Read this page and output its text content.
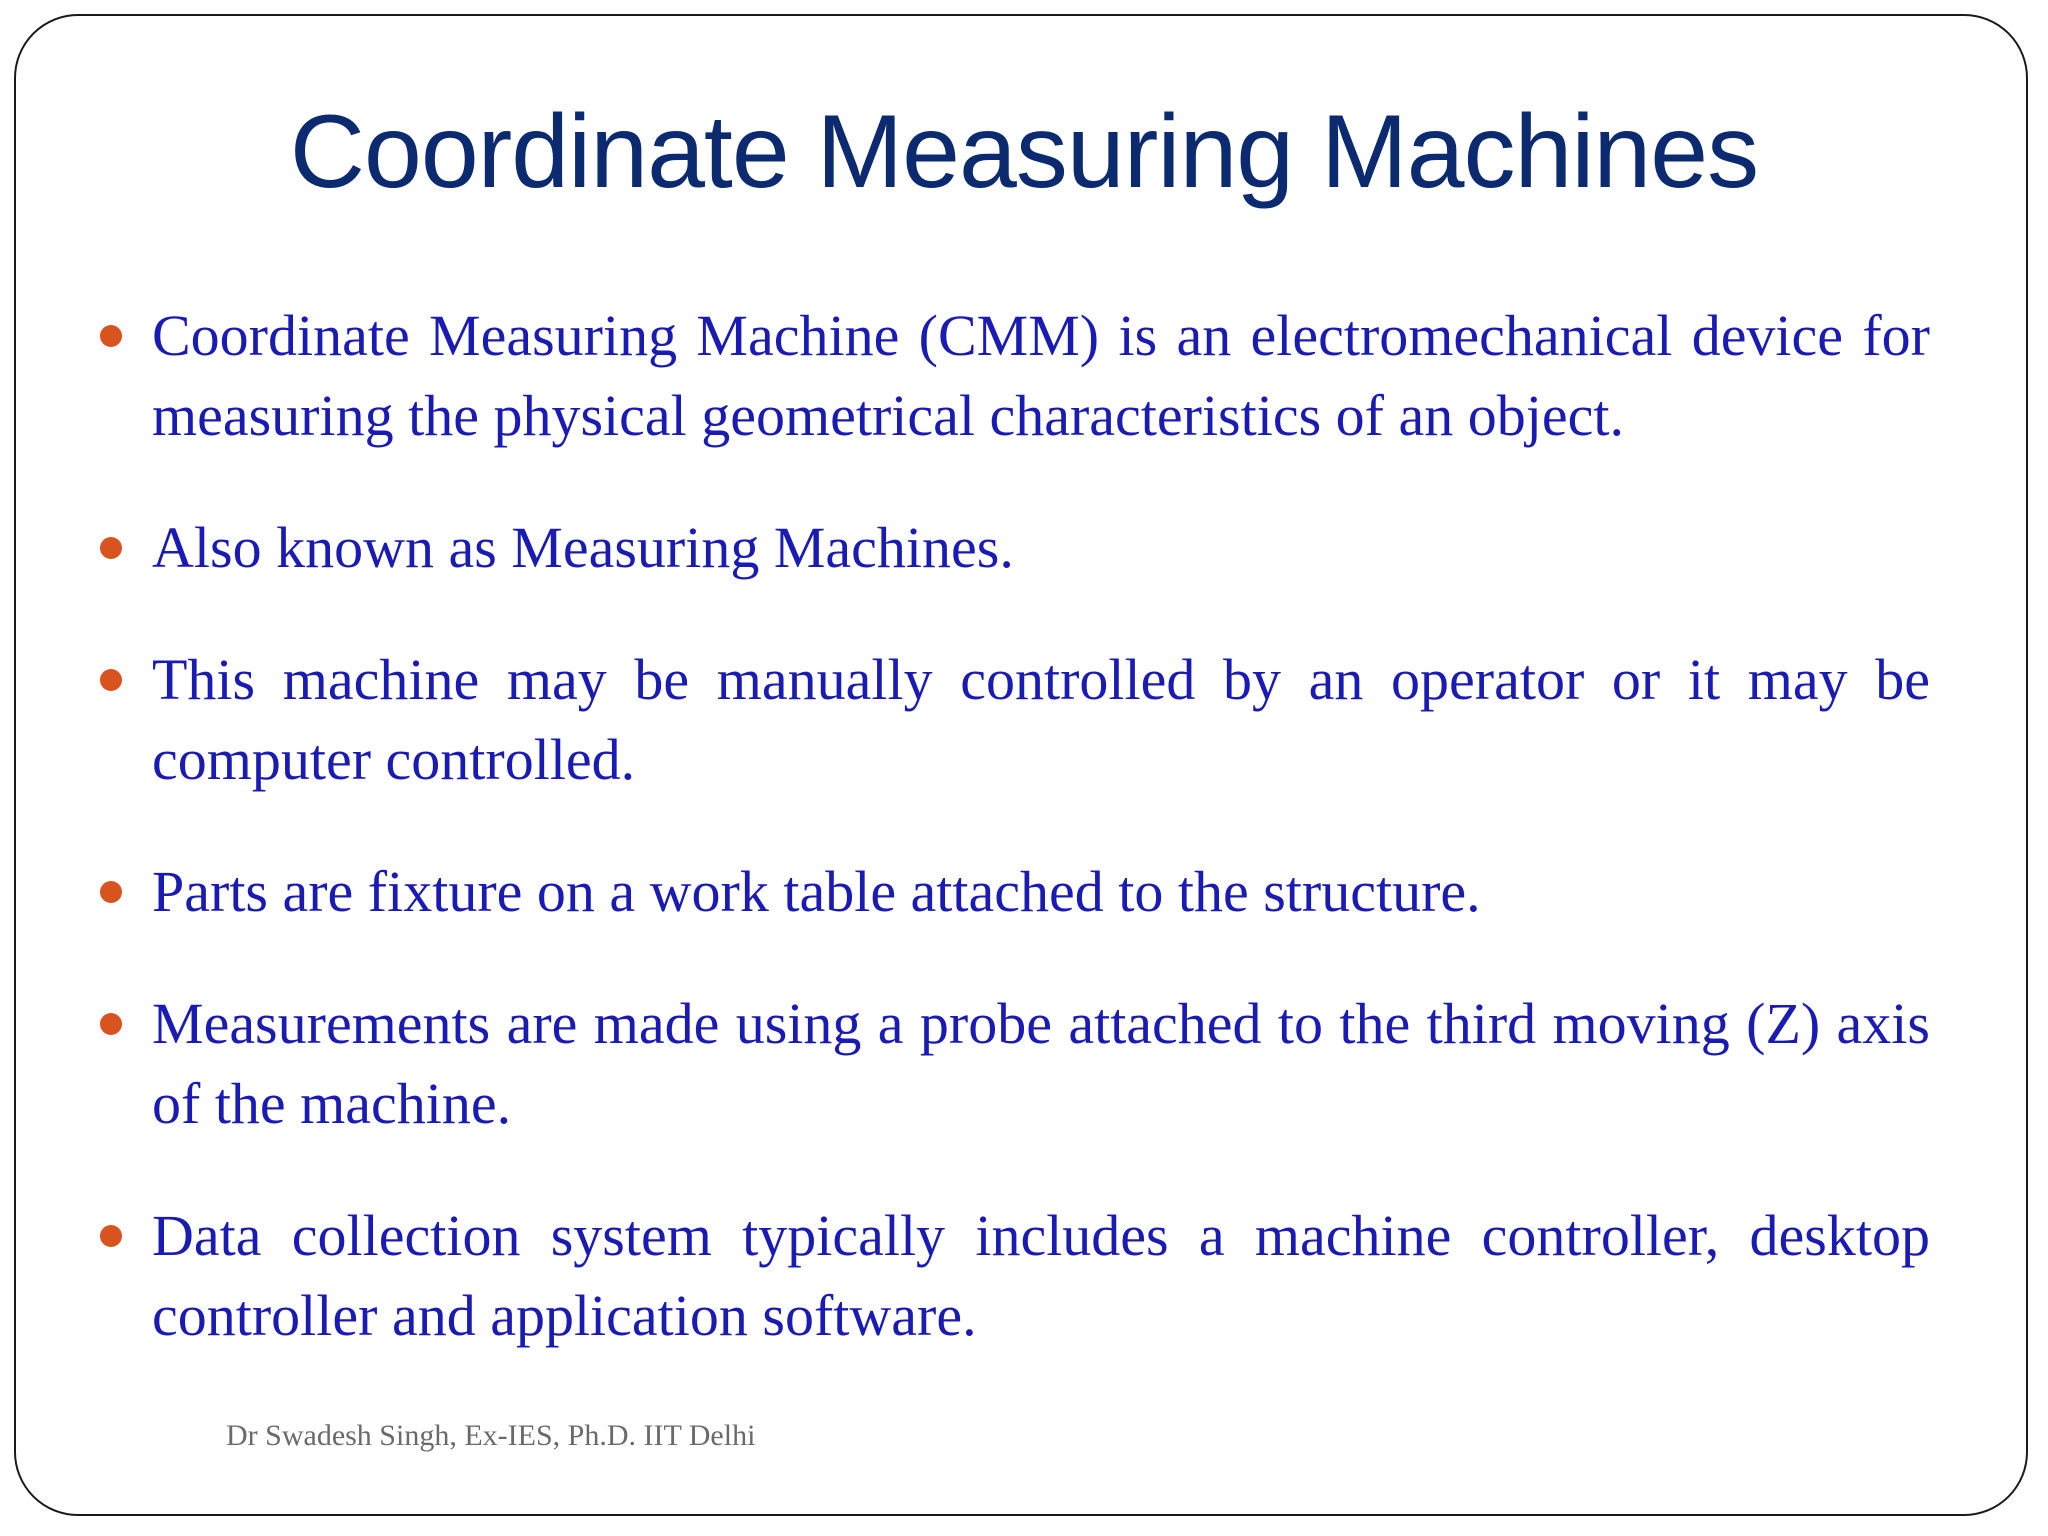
Coordinate Measuring Machines
Coordinate Measuring Machine (CMM) is an electromechanical device for measuring the physical geometrical characteristics of an object.
Also known as Measuring Machines.
This machine may be manually controlled by an operator or it may be computer controlled.
Parts are fixture on a work table attached to the structure.
Measurements are made using a probe attached to the third moving (Z) axis of the machine.
Data collection system typically includes a machine controller, desktop controller and application software.
Dr Swadesh Singh, Ex-IES, Ph.D. IIT Delhi
